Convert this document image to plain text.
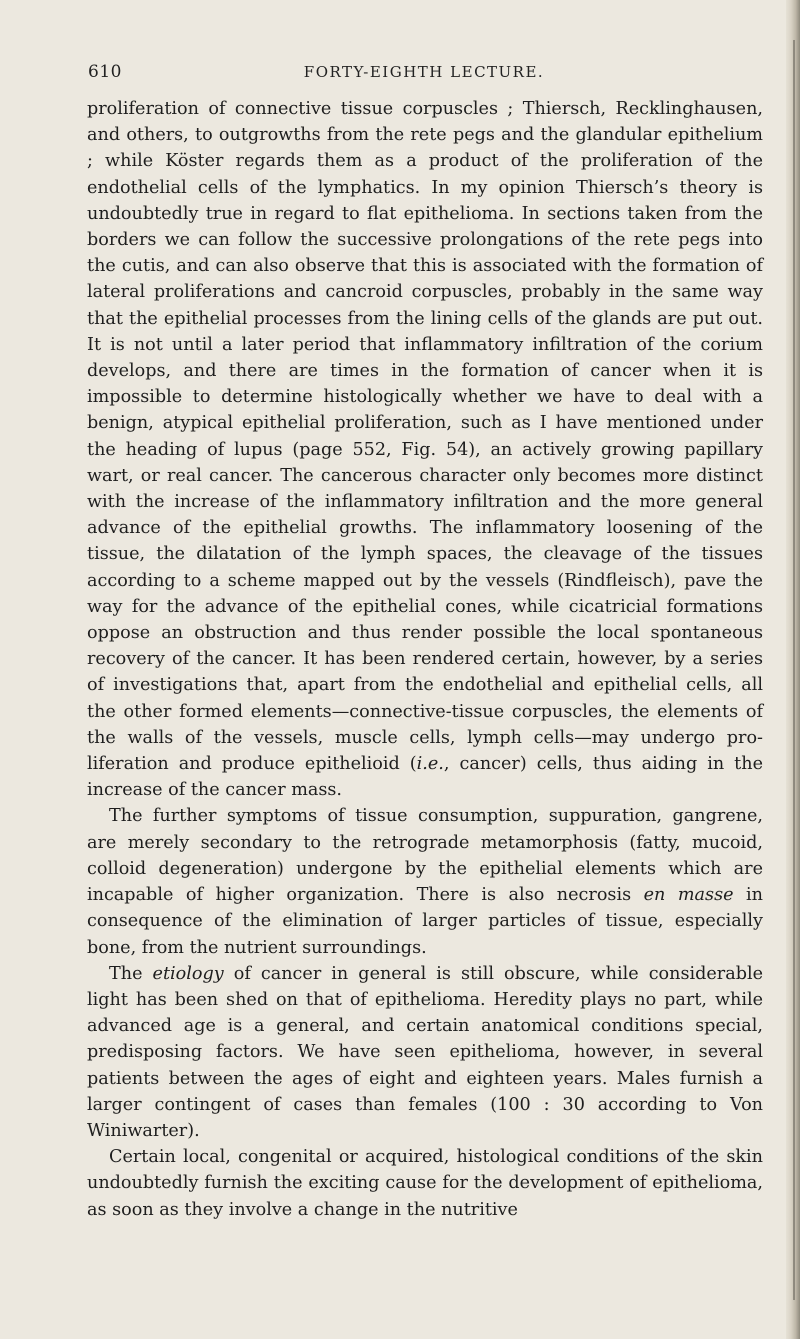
610	FORTY-EIGHTH LECTURE.

proliferation of connective tissue corpuscles ; Thiersch, Recklinghausen, and others, to outgrowths from the rete pegs and the glandular epithelium ; while Köster regards them as a product of the proliferation of the endothelial cells of the lymphatics. In my opinion Thiersch’s theory is undoubtedly true in regard to flat epithelioma. In sections taken from the borders we can follow the successive prolongations of the rete pegs into the cutis, and can also observe that this is associated with the formation of lateral proliferations and cancroid corpuscles, probably in the same way that the epithelial processes from the lining cells of the glands are put out. It is not until a later period that inflammatory infiltration of the corium develops, and there are times in the formation of cancer when it is impossible to determine histologically whether we have to deal with a benign, atypical epithelial proliferation, such as I have mentioned under the heading of lupus (page 552, Fig. 54), an actively growing papillary wart, or real cancer. The cancerous character only becomes more distinct with the increase of the inflammatory infiltration and the more general advance of the epithelial growths. The inflammatory loosening of the tissue, the dilatation of the lymph spaces, the cleavage of the tissues according to a scheme mapped out by the vessels (Rindfleisch), pave the way for the advance of the epithelial cones, while cicatricial formations oppose an obstruction and thus render possible the local spontaneous recovery of the cancer. It has been rendered certain, however, by a series of investigations that, apart from the endothelial and epithelial cells, all the other formed elements—connective-tissue corpuscles, the elements of the walls of the vessels, muscle cells, lymph cells—may undergo proliferation and produce epithelioid (i.e., cancer) cells, thus aiding in the increase of the cancer mass.

The further symptoms of tissue consumption, suppuration, gangrene, are merely secondary to the retrograde metamorphosis (fatty, mucoid, colloid degeneration) undergone by the epithelial elements which are incapable of higher organization. There is also necrosis en masse in consequence of the elimination of larger particles of tissue, especially bone, from the nutrient surroundings.

The etiology of cancer in general is still obscure, while considerable light has been shed on that of epithelioma. Heredity plays no part, while advanced age is a general, and certain anatomical conditions special, predisposing factors. We have seen epithelioma, however, in several patients between the ages of eight and eighteen years. Males furnish a larger contingent of cases than females (100 : 30 according to Von Winiwarter).

Certain local, congenital or acquired, histological conditions of the skin undoubtedly furnish the exciting cause for the development of epithelioma, as soon as they involve a change in the nutritive
